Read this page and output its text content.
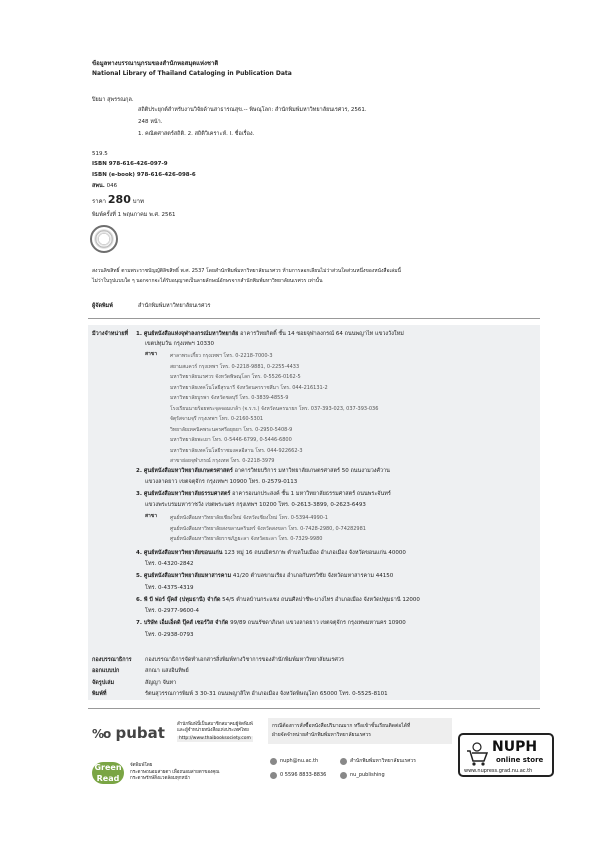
ข้อมูลทางบรรณานุกรมของสำนักหอสมุดแห่งชาติ
National Library of Thailand Cataloging in Publication Data
ปิยมา สุพรรณกุล.
สถิติประยุกต์สำหรับงานวิจัยด้านสาธารณสุข.-- พิษณุโลก: สำนักพิมพ์มหาวิทยาลัยนเรศวร, 2561.
248 หน้า.
1. คณิตศาสตร์สถิติ. 2. สถิติวิเคราะห์. I. ชื่อเรื่อง.
519.5
ISBN 978-616-426-097-9
ISBN (e-book) 978-616-426-098-6
สพน. 046
ราคา 280 บาท
พิมพ์ครั้งที่ 1 พฤษภาคม พ.ศ. 2561
สงวนลิขสิทธิ์ ตามพระราชบัญญัติลิขสิทธิ์ พ.ศ. 2537 โดยสำนักพิมพ์มหาวิทยาลัยนเรศวร ห้ามการลอกเลียนไม่ว่าส่วนใดส่วนหนึ่งของหนังสือเล่มนี้
ไม่ว่าในรูปแบบใด ๆ นอกจากจะได้รับอนุญาตเป็นลายลักษณ์อักษรจากสำนักพิมพ์มหาวิทยาลัยนเรศวร เท่านั้น
ผู้จัดพิมพ์	สำนักพิมพ์มหาวิทยาลัยนเรศวร
มีวางจำหน่ายที่ 1. ศูนย์หนังสือแห่งจุฬาลงกรณ์มหาวิทยาลัย อาคารวิทยกิตติ์ ชั้น 14 ซอยจุฬาลงกรณ์ 64 ถนนพญาไท แขวงวังใหม่
เขตปทุมวัน กรุงเทพฯ 10330
สาขา	ศาลาพระเกี้ยว กรุงเทพฯ โทร. 0-2218-7000-3
สยามสแควร์ กรุงเทพฯ โทร. 0-2218-9881, 0-2255-4433
มหาวิทยาลัยนเรศวร จังหวัดพิษณุโลก โทร. 0-5526-0162-5
มหาวิทยาลัยเทคโนโลยีสุรนารี จังหวัดนครราชสีมา โทร. 044-216131-2
มหาวิทยาลัยบูรพา จังหวัดชลบุรี โทร. 0-3839-4855-9
โรงเรียนนายร้อยพระจุลจอมเกล้า (จ.ร.ร.) จังหวัดนครนายก โทร. 037-393-023, 037-393-036
จัตุรัสจามจุรี กรุงเทพฯ โทร. 0-2160-5301
วิทยาลัยเทคนิคพระนครศรีอยุธยา โทร. 0-2950-5408-9
มหาวิทยาลัยพะเยา โทร. 0-5446-6799, 0-5446-6800
มหาวิทยาลัยเทคโนโลยีราชมงคลอีสาน โทร. 044-922662-3
สาขาย่อยจุฬาภรณ์ กรุงเทพ โทร. 0-2218-3979
2. ศูนย์หนังสือมหาวิทยาลัยเกษตรศาสตร์ อาคารวิทยบริการ มหาวิทยาลัยเกษตรศาสตร์ 50 ถนนงามวงศ์วาน
แขวงลาดยาว เขตจตุจักร กรุงเทพฯ 10900 โทร. 0-2579-0113
3. ศูนย์หนังสือมหาวิทยาลัยธรรมศาสตร์ อาคารอเนกประสงค์ ชั้น 1 มหาวิทยาลัยธรรมศาสตร์ ถนนพระจันทร์
แขวงพระบรมมหาราชวัง เขตพระนคร กรุงเทพฯ 10200 โทร. 0-2613-3899, 0-2623-6493
สาขา	ศูนย์หนังสือมหาวิทยาลัยเชียงใหม่ จังหวัดเชียงใหม่ โทร. 0-5394-4990-1
ศูนย์หนังสือมหาวิทยาลัยสงขลานครินทร์ จังหวัดสงขลา โทร. 0-7428-2980, 0-74282981
ศูนย์หนังสือมหาวิทยาลัยราชภัฏยะลา จังหวัดยะลา โทร. 0-7329-9980
4. ศูนย์หนังสือมหาวิทยาลัยขอนแก่น 123 หมู่ 16 ถนนมิตรภาพ ตำบลในเมือง อำเภอเมือง จังหวัดขอนแก่น 40000
โทร. 0-4320-2842
5. ศูนย์หนังสือมหาวิทยาลัยมหาสารคาม 41/20 ตำบลขามเรียง อำเภอกันทรวิชัย จังหวัดมหาสารคาม 44150
โทร. 0-4375-4319
6. พี บี ฟอร์ บุ๊คส์ (ปทุมธานี) จำกัด 54/5 ตำบลบ้านกระแชง ถนนศีลปาชีพ-บางไทร อำเภอเมือง จังหวัดปทุมธานี 12000
โทร. 0-2977-9600-4
7. บริษัท เอ็มเอ็ดดิ ปุ๊คส์ เซอร์วิส จำกัด 99/89 ถนนรัชดาภิเษก แขวงลาดยาว เขตจตุจักร กรุงเทพมหานคร 10900
โทร. 0-2938-0793
กองบรรณาธิการ กองบรรณาธิการจัดทำเอกสารสิ่งพิมพ์ทางวิชาการของสำนักพิมพ์มหาวิทยาลัยนเรศวร
ออกแบบปก	สกณา แสงอินทิพย์
จัดรูปเล่ม	สัญญา จันทา
พิมพ์ที่	รัตนสุวรรณการพิมพ์ 3 30-31 ถนนพญาลิไท อำเภอเมือง จังหวัดพิษณุโลก 65000 โทร. 0-5525-8101
%o pubat	สำนักพิมพ์นี้เป็นสมาชิกสมาคมผู้จัดพิมพ์
และผู้จำหน่ายหนังสือแห่งประเทศไทย
http://www.thaibooksociety.com
Green Read
จัดพิมพ์โดย
กระดาษถนอมสายตา เพื่อถนอมสายตาของคุณ
กระดาษรักษ์สิ่งแวดล้อมทุกหน้า
กรณีต้องการสั่งซื้อหนังสือปริมาณมาก หรือเข้าชั้นเรียนติดต่อได้ที่
ฝ่ายจัดจำหน่ายสำนักพิมพ์มหาวิทยาลัยนเรศวร
nuph@nu.ac.th	สำนักพิมพ์มหาวิทยาลัยนเรศวร
0 5596 8833-8836	nu_publishing
NUPH
online store
www.nupress.grad.nu.ac.th
